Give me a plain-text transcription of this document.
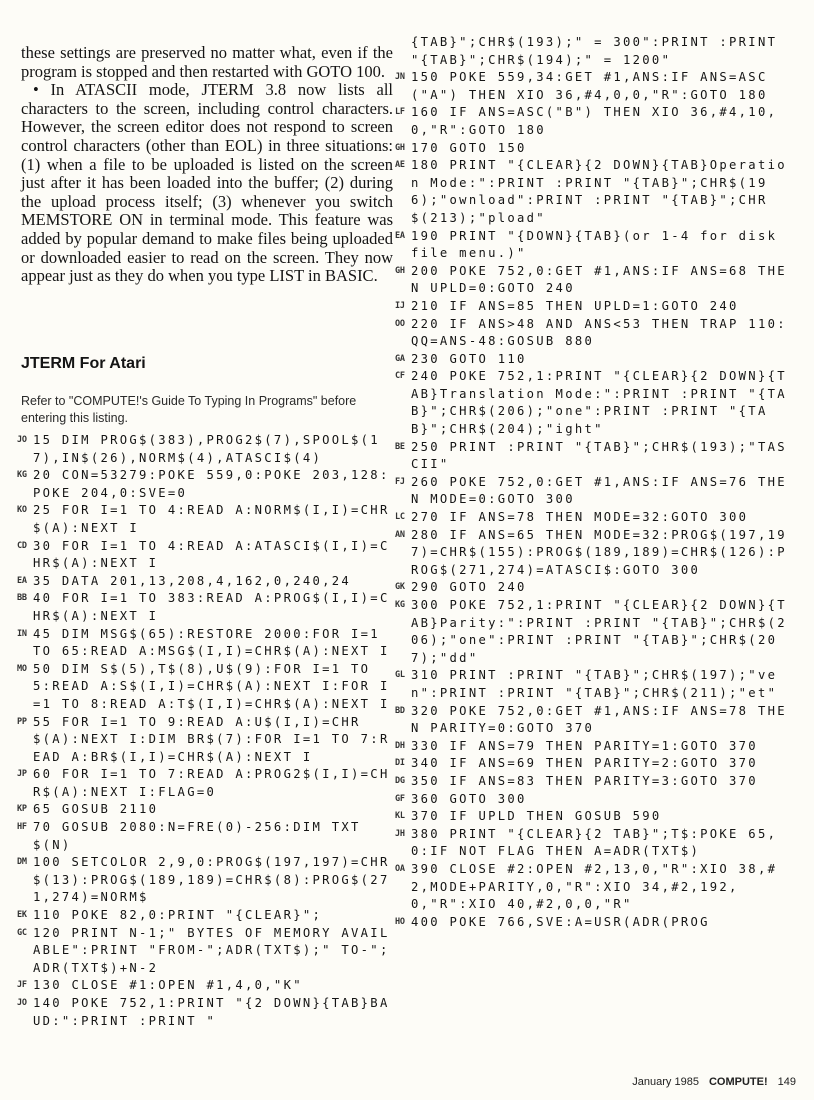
these settings are preserved no matter what, even if the program is stopped and then restarted with GOTO 100.

• In ATASCII mode, JTERM 3.8 now lists all characters to the screen, including control characters. However, the screen editor does not respond to screen control characters (other than EOL) in three situations: (1) when a file to be uploaded is listed on the screen just after it has been loaded into the buffer; (2) during the upload process itself; (3) whenever you switch MEMSTORE ON in terminal mode. This feature was added by popular demand to make files being uploaded or downloaded easier to read on the screen. They now appear just as they do when you type LIST in BASIC.

JTERM For Atari
Refer to "COMPUTE!'s Guide To Typing In Programs" before entering this listing.
JO 15 DIM PROG$(383),PROG2$(7),SPOOL$(17),IN$(26),NORM$(4),ATASCI$(4)
KG 20 CON=53279:POKE 559,0:POKE 203,128:POKE 204,0:SVE=0
KO 25 FOR I=1 TO 4:READ A:NORM$(I,I)=CHR$(A):NEXT I
CD 30 FOR I=1 TO 4:READ A:ATASCI$(I,I)=CHR$(A):NEXT I
EA 35 DATA 201,13,208,4,162,0,240,24
BB 40 FOR I=1 TO 383:READ A:PROG$(I,I)=CHR$(A):NEXT I
IN 45 DIM MSG$(65):RESTORE 2000:FOR I=1 TO 65:READ A:MSG$(I,I)=CHR$(A):NEXT I
MO 50 DIM S$(5),T$(8),U$(9):FOR I=1 TO 5:READ A:S$(I,I)=CHR$(A):NEXT I:FOR I=1 TO 8:READ A:T$(I,I)=CHR$(A):NEXT I
PP 55 FOR I=1 TO 9:READ A:U$(I,I)=CHR$(A):NEXT I:DIM BR$(7):FOR I=1 TO 7:READ A:BR$(I,I)=CHR$(A):NEXT I
JP 60 FOR I=1 TO 7:READ A:PROG2$(I,I)=CHR$(A):NEXT I:FLAG=0
KP 65 GOSUB 2110
HF 70 GOSUB 2080:N=FRE(0)-256:DIM TXT$(N)
DM 100 SETCOLOR 2,9,0:PROG$(197,197)=CHR$(13):PROG$(189,189)=CHR$(8):PROG$(271,274)=NORM$
EK 110 POKE 82,0:PRINT "{CLEAR}";
GC 120 PRINT N-1;" BYTES OF MEMORY AVAILABLE":PRINT "FROM-";ADR(TXT$);" TO-";ADR(TXT$)+N-2
JF 130 CLOSE #1:OPEN #1,4,0,"K"
JO 140 POKE 752,1:PRINT "{2 DOWN}{TAB}BAUD:":PRINT :PRINT "
{TAB}";CHR$(193);" = 300":PRINT :PRINT "{TAB}";CHR$(194);" = 1200"
JN 150 POKE 559,34:GET #1,ANS:IF ANS=ASC("A") THEN XIO 36,#4,0,0,"R":GOTO 180
LF 160 IF ANS=ASC("B") THEN XIO 36,#4,10,0,"R":GOTO 180
GH 170 GOTO 150
AE 180 PRINT "{CLEAR}{2 DOWN}{TAB}Operation Mode:":PRINT :PRINT "{TAB}";CHR$(196);"ownload":PRINT :PRINT "{TAB}";CHR$(213);"pload"
EA 190 PRINT "{DOWN}{TAB}(or 1-4 for disk file menu.)"
GH 200 POKE 752,0:GET #1,ANS:IF ANS=68 THEN UPLD=0:GOTO 240
IJ 210 IF ANS=85 THEN UPLD=1:GOTO 240
OO 220 IF ANS>48 AND ANS<53 THEN TRAP 110:QQ=ANS-48:GOSUB 880
GA 230 GOTO 110
CF 240 POKE 752,1:PRINT "{CLEAR}{2 DOWN}{TAB}Translation Mode:":PRINT :PRINT "{TAB}";CHR$(206);"one":PRINT :PRINT "{TAB}";CHR$(204);"ight"
BE 250 PRINT :PRINT "{TAB}";CHR$(193);"TASCII"
FJ 260 POKE 752,0:GET #1,ANS:IF ANS=76 THEN MODE=0:GOTO 300
LC 270 IF ANS=78 THEN MODE=32:GOTO 300
AN 280 IF ANS=65 THEN MODE=32:PROG$(197,197)=CHR$(155):PROG$(189,189)=CHR$(126):PROG$(271,274)=ATASCI$:GOTO 300
GK 290 GOTO 240
KG 300 POKE 752,1:PRINT "{CLEAR}{2 DOWN}{TAB}Parity:":PRINT :PRINT "{TAB}";CHR$(206);"one":PRINT :PRINT "{TAB}";CHR$(207);"dd"
GL 310 PRINT :PRINT "{TAB}";CHR$(197);"ven":PRINT :PRINT "{TAB}";CHR$(211);"et"
BD 320 POKE 752,0:GET #1,ANS:IF ANS=78 THEN PARITY=0:GOTO 370
DH 330 IF ANS=79 THEN PARITY=1:GOTO 370
DI 340 IF ANS=69 THEN PARITY=2:GOTO 370
DG 350 IF ANS=83 THEN PARITY=3:GOTO 370
GF 360 GOTO 300
KL 370 IF UPLD THEN GOSUB 590
JH 380 PRINT "{CLEAR}{2 TAB}";T$:POKE 65,0:IF NOT FLAG THEN A=ADR(TXT$)
OA 390 CLOSE #2:OPEN #2,13,0,"R":XIO 38,#2,MODE+PARITY,0,"R":XIO 34,#2,192,0,"R":XIO 40,#2,0,0,"R"
HO 400 POKE 766,SVE:A=USR(ADR(PROG
January 1985 COMPUTE! 149
